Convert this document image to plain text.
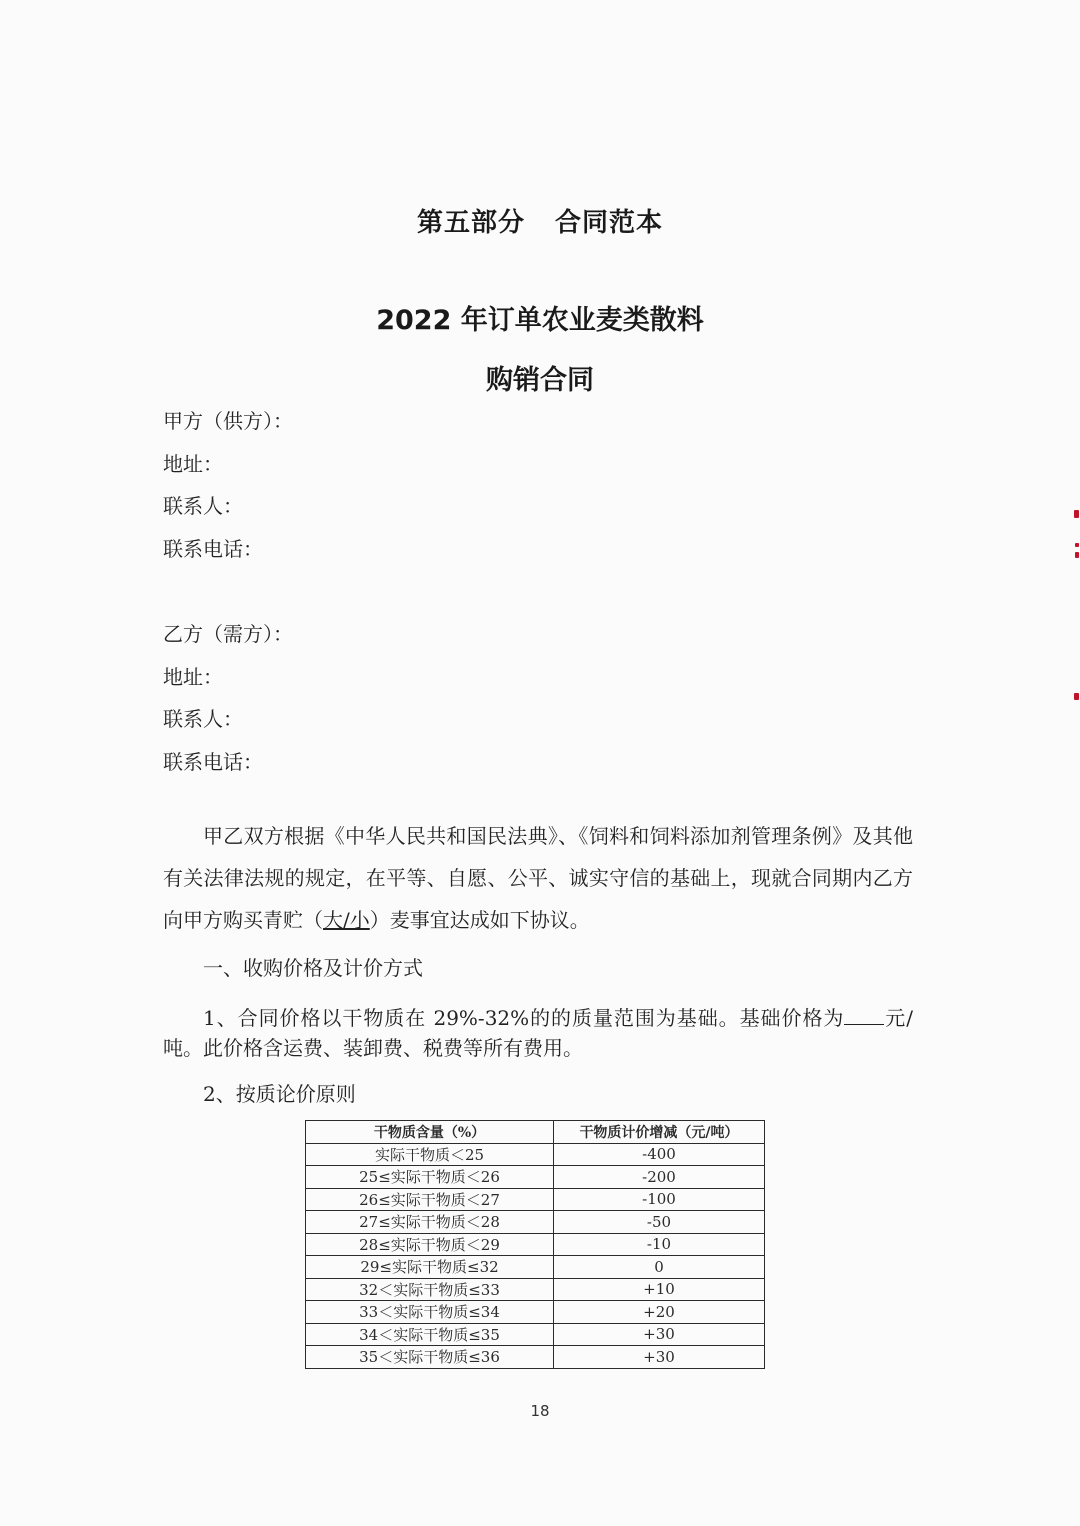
第五部分 合同范本
2022 年订单农业麦类散料
购销合同
甲方（供方）：
地址：
联系人：
联系电话：
乙方（需方）：
地址：
联系人：
联系电话：
甲乙双方根据《中华人民共和国民法典》、《饲料和饲料添加剂管理条例》及其他有关法律法规的规定，在平等、自愿、公平、诚实守信的基础上，现就合同期内乙方向甲方购买青贮（大/小）麦事宜达成如下协议。
一、收购价格及计价方式
1、合同价格以干物质在 29%-32%的的质量范围为基础。基础价格为 元/吨。此价格含运费、装卸费、税费等所有费用。
2、按质论价原则
干物质含量（%）	干物质计价增减（元/吨）
实际干物质＜25	-400
25≤实际干物质＜26	-200
26≤实际干物质＜27	-100
27≤实际干物质＜28	-50
28≤实际干物质＜29	-10
29≤实际干物质≤32	0
32＜实际干物质≤33	+10
33＜实际干物质≤34	+20
34＜实际干物质≤35	+30
35＜实际干物质≤36	+30
18
